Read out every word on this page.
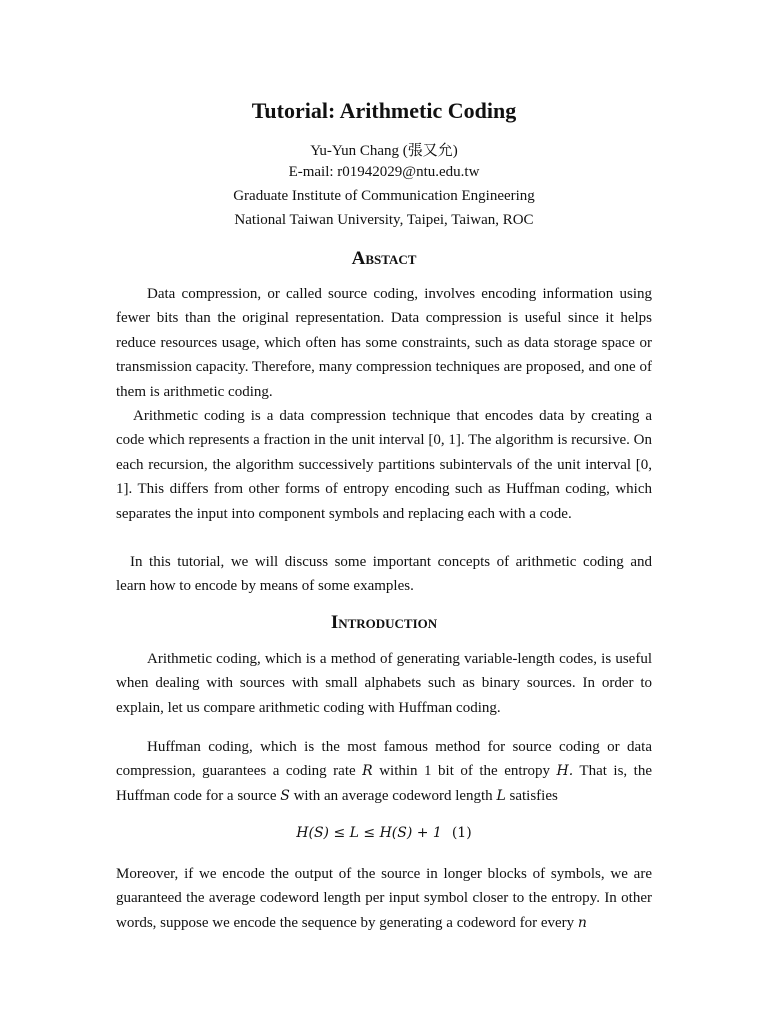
Tutorial: Arithmetic Coding

Yu-Yun Chang (張又允)

E-mail: r01942029@ntu.edu.tw

Graduate Institute of Communication Engineering

National Taiwan University, Taipei, Taiwan, ROC

Abstact

Data compression, or called source coding, involves encoding information using fewer bits than the original representation. Data compression is useful since it helps reduce resources usage, which often has some constraints, such as data storage space or transmission capacity. Therefore, many compression techniques are proposed, and one of them is arithmetic coding.

Arithmetic coding is a data compression technique that encodes data by creating a code which represents a fraction in the unit interval [0, 1]. The algorithm is recursive. On each recursion, the algorithm successively partitions subintervals of the unit interval [0, 1]. This differs from other forms of entropy encoding such as Huffman coding, which separates the input into component symbols and replacing each with a code.

In this tutorial, we will discuss some important concepts of arithmetic coding and learn how to encode by means of some examples.

Introduction

Arithmetic coding, which is a method of generating variable-length codes, is useful when dealing with sources with small alphabets such as binary sources. In order to explain, let us compare arithmetic coding with Huffman coding.

Huffman coding, which is the most famous method for source coding or data compression, guarantees a coding rate R within 1 bit of the entropy H. That is, the Huffman code for a source S with an average codeword length L satisfies

H(S) ≤ L ≤ H(S) + 1 (1)

Moreover, if we encode the output of the source in longer blocks of symbols, we are guaranteed the average codeword length per input symbol closer to the entropy. In other words, suppose we encode the sequence by generating a codeword for every n
